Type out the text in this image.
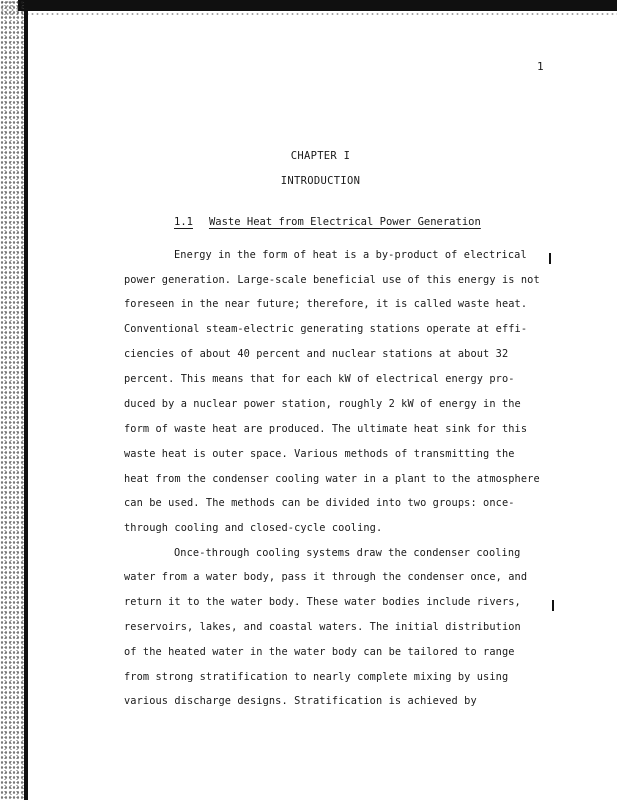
1
CHAPTER I
INTRODUCTION
1.1 Waste Heat from Electrical Power Generation
Energy in the form of heat is a by-product of electrical
power generation. Large-scale beneficial use of this energy is not
foreseen in the near future; therefore, it is called waste heat.
Conventional steam-electric generating stations operate at effi-
ciencies of about 40 percent and nuclear stations at about 32
percent. This means that for each kW of electrical energy pro-
duced by a nuclear power station, roughly 2 kW of energy in the
form of waste heat are produced. The ultimate heat sink for this
waste heat is outer space. Various methods of transmitting the
heat from the condenser cooling water in a plant to the atmosphere
can be used. The methods can be divided into two groups: once-
through cooling and closed-cycle cooling.
Once-through cooling systems draw the condenser cooling
water from a water body, pass it through the condenser once, and
return it to the water body. These water bodies include rivers,
reservoirs, lakes, and coastal waters. The initial distribution
of the heated water in the water body can be tailored to range
from strong stratification to nearly complete mixing by using
various discharge designs. Stratification is achieved by
